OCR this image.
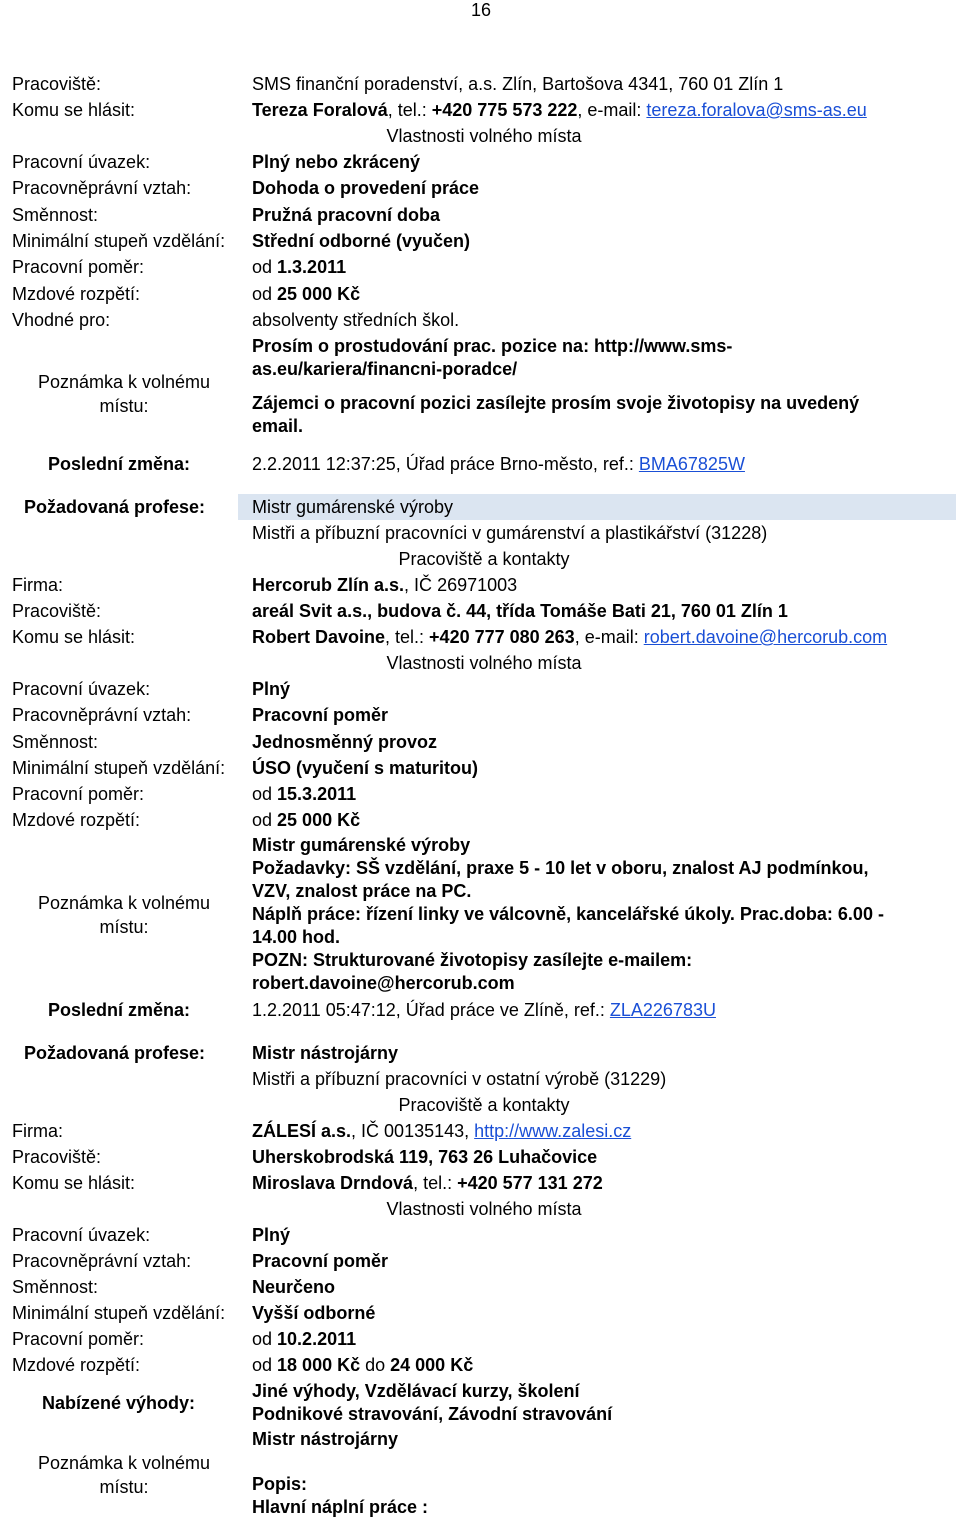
16
Pracoviště:	SMS finanční poradenství, a.s. Zlín, Bartošova 4341, 760 01 Zlín 1
Komu se hlásit:	Tereza Foralová, tel.: +420 775 573 222, e-mail: tereza.foralova@sms-as.eu
Vlastnosti volného místa
Pracovní úvazek:	Plný nebo zkrácený
Pracovněprávní vztah:	Dohoda o provedení práce
Směnnost:	Pružná pracovní doba
Minimální stupeň vzdělání: Střední odborné (vyučen)
Pracovní poměr:	od 1.3.2011
Mzdové rozpětí:	od 25 000 Kč
Vhodné pro:	absolventy středních škol.
Poznámka k volnému
místu:
Prosím o prostudování prac. pozice na: http://www.sms-
as.eu/kariera/financni-poradce/
Zájemci o pracovní pozici zasílejte prosím svoje životopisy na uvedený
email.
Poslední změna:	2.2.2011 12:37:25, Úřad práce Brno-město, ref.: BMA67825W
Požadovaná profese:	Mistr gumárenské výroby
Mistři a příbuzní pracovníci v gumárenství a plastikářství (31228)
Pracoviště a kontakty
Firma:	Hercorub Zlín a.s., IČ 26971003
Pracoviště:	areál Svit a.s., budova č. 44, třída Tomáše Bati 21, 760 01 Zlín 1
Komu se hlásit:	Robert Davoine, tel.: +420 777 080 263, e-mail: robert.davoine@hercorub.com
Vlastnosti volného místa
Pracovní úvazek:	Plný
Pracovněprávní vztah:	Pracovní poměr
Směnnost:	Jednosměnný provoz
Minimální stupeň vzdělání: ÚSO (vyučení s maturitou)
Pracovní poměr:	od 15.3.2011
Mzdové rozpětí:	od 25 000 Kč
Poznámka k volnému
místu:
Mistr gumárenské výroby
Požadavky: SŠ vzdělání, praxe 5 - 10 let v oboru, znalost AJ podmínkou,
VZV, znalost práce na PC.
Náplň práce: řízení linky ve válcovně, kancelářské úkoly. Prac.doba: 6.00 -
14.00 hod.
POZN: Strukturované životopisy zasílejte e-mailem:
robert.davoine@hercorub.com
Poslední změna:	1.2.2011 05:47:12, Úřad práce ve Zlíně, ref.: ZLA226783U
Požadovaná profese:	Mistr nástrojárny
Mistři a příbuzní pracovníci v ostatní výrobě (31229)
Pracoviště a kontakty
Firma:	ZÁLESÍ a.s., IČ 00135143, http://www.zalesi.cz
Pracoviště:	Uherskobrodská 119, 763 26 Luhačovice
Komu se hlásit:	Miroslava Drndová, tel.: +420 577 131 272
Vlastnosti volného místa
Pracovní úvazek:	Plný
Pracovněprávní vztah:	Pracovní poměr
Směnnost:	Neurčeno
Minimální stupeň vzdělání: Vyšší odborné
Pracovní poměr:	od 10.2.2011
Mzdové rozpětí:	od 18 000 Kč do 24 000 Kč
Nabízené výhody:
Jiné výhody, Vzdělávací kurzy, školení
Podnikové stravování, Závodní stravování
Poznámka k volnému
místu:
Mistr nástrojárny
Popis:
Hlavní náplní práce :
